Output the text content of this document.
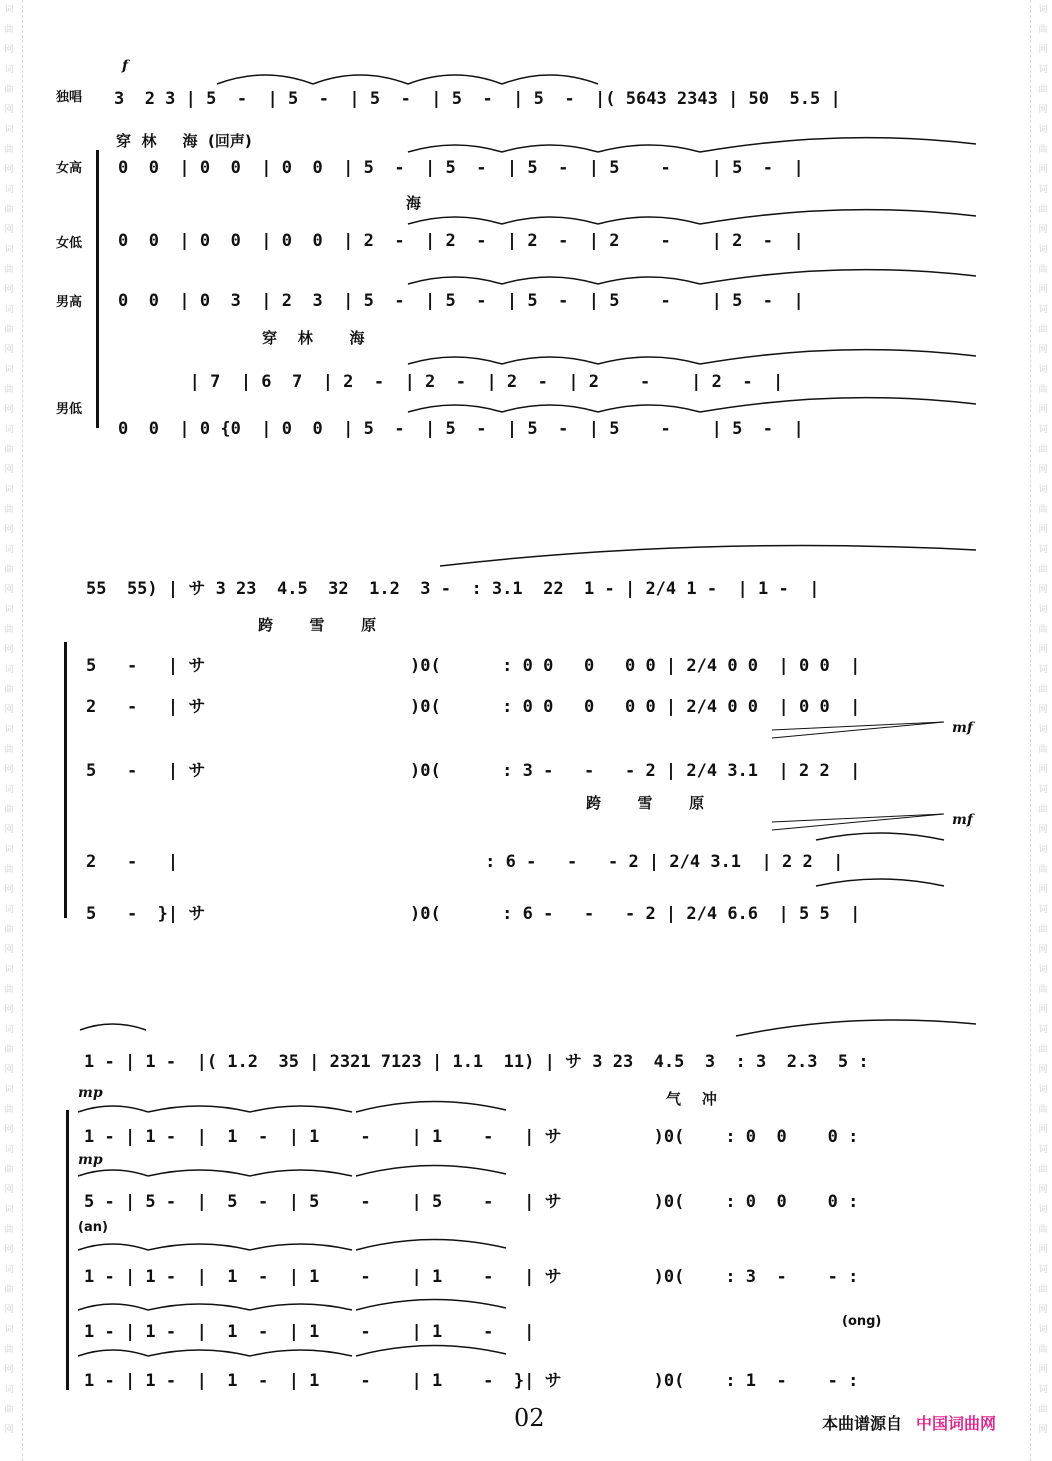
词曲网词曲网词曲网词曲网词曲网词曲网词曲网词曲网词曲网词曲网词曲网词曲网词曲网词曲网词曲网词曲网词曲网词曲网词曲网词曲网词曲网词曲网词曲网词曲网
词曲网词曲网词曲网词曲网词曲网词曲网词曲网词曲网词曲网词曲网词曲网词曲网词曲网词曲网词曲网词曲网词曲网词曲网词曲网词曲网词曲网词曲网词曲网词曲网
f
独唱 3  2 3 | 5  -  | 5  -  | 5  -  | 5  -  | 5  -  |( 5643 2343 | 50  5.5 |
穿  林     海  (回声)
女高 0  0  | 0  0  | 0  0  | 5  -  | 5  -  | 5  -  | 5    -    | 5  -  |
海
女低 0  0  | 0  0  | 0  0  | 2  -  | 2  -  | 2  -  | 2    -    | 2  -  |
男高 0  0  | 0  3  | 2  3  | 5  -  | 5  -  | 5  -  | 5    -    | 5  -  |
穿    林       海
| 7  | 6  7  | 2  -  | 2  -  | 2  -  | 2    -    | 2  -  |
男低
0  0  | 0 {0  | 0  0  | 5  -  | 5  -  | 5  -  | 5    -    | 5  -  |
55  55) | サ 3 23  4.5  32  1.2  3 -  : 3.1  22  1 - | 2/4 1 -  | 1 -  |
跨       雪       原
5   -   | サ                    )0(      : 0 0   0   0 0 | 2/4 0 0  | 0 0  |
2   -   | サ                    )0(      : 0 0   0   0 0 | 2/4 0 0  | 0 0  |
mf
5   -   | サ                    )0(      : 3 -   -   - 2 | 2/4 3.1  | 2 2  |
跨       雪       原
mf
2   -   |                              : 6 -   -   - 2 | 2/4 3.1  | 2 2  |
5   -  }| サ                    )0(      : 6 -   -   - 2 | 2/4 6.6  | 5 5  |
1 - | 1 -  |( 1.2  35 | 2321 7123 | 1.1  11) | サ 3 23  4.5  3  : 3  2.3  5 :
气    冲
mp
1 - | 1 -  |  1  -  | 1    -    | 1    -   | サ         )0(    : 0  0    0 :
mp
5 - | 5 -  |  5  -  | 5    -    | 5    -   | サ         )0(    : 0  0    0 :
(an)
1 - | 1 -  |  1  -  | 1    -    | 1    -   | サ         )0(    : 3  -    - :
(ong)
1 - | 1 -  |  1  -  | 1    -    | 1    -   |
1 - | 1 -  |  1  -  | 1    -    | 1    -  }| サ         )0(    : 1  -    - :
02	本曲谱源自 中国词曲网
